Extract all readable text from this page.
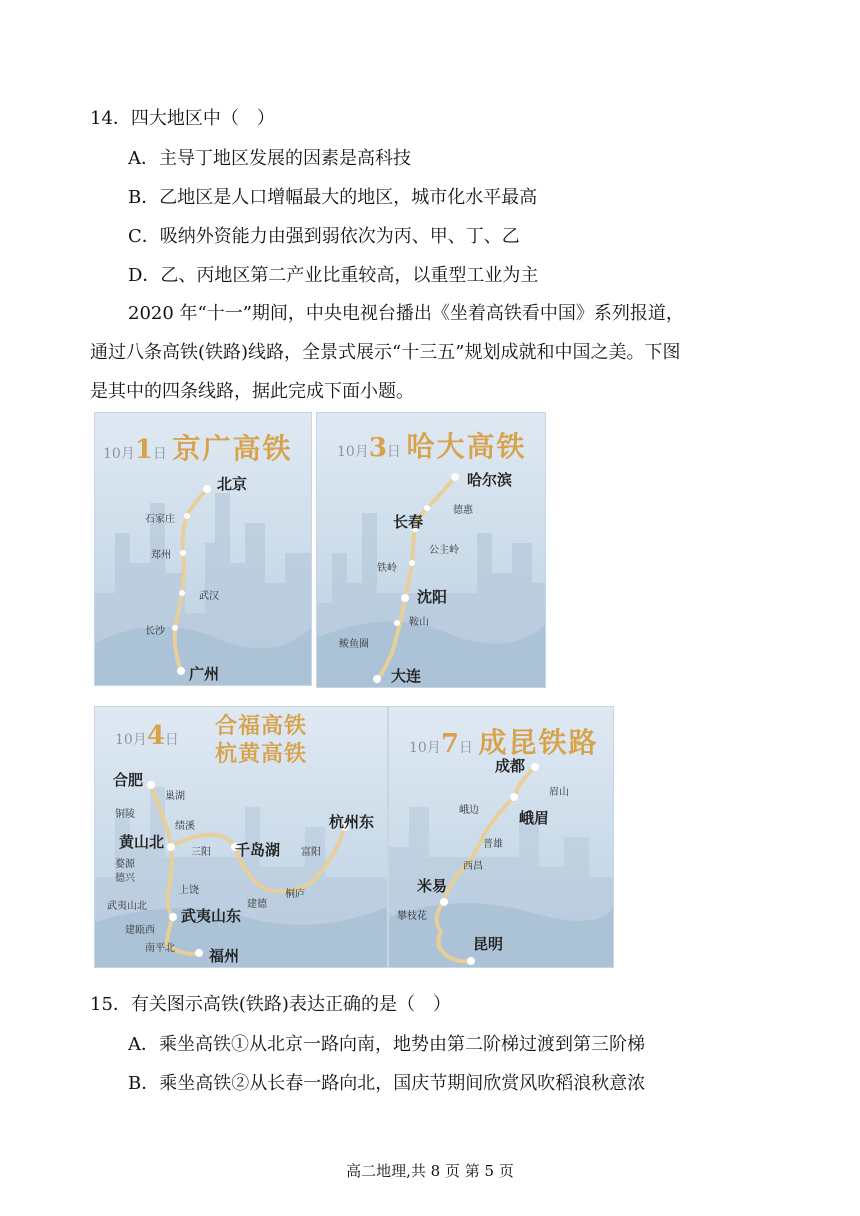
14．四大地区中（　）
A．主导丁地区发展的因素是高科技
B．乙地区是人口增幅最大的地区，城市化水平最高
C．吸纳外资能力由强到弱依次为丙、甲、丁、乙
D．乙、丙地区第二产业比重较高，以重型工业为主
2020 年“十一”期间，中央电视台播出《坐着高铁看中国》系列报道，
通过八条高铁(铁路)线路，全景式展示“十三五”规划成就和中国之美。下图
是其中的四条线路，据此完成下面小题。
10月1日 京广高铁
北京
石家庄
郑州
武汉
长沙
广州
10月3日 哈大高铁
哈尔滨
德惠
长春
公主岭
铁岭
沈阳
鞍山
鲅鱼圈
大连
10月4日
合福高铁
杭黄高铁
合肥
巢湖
铜陵
绩溪
黄山北
三阳 千岛湖 富阳
杭州东
婺源
德兴
上饶	桐庐
建德
武夷山北
武夷山东
建瓯西
南平北 福州
10月7日 成昆铁路
成都
眉山
峨边	峨眉
普雄
西昌
米易
攀枝花
昆明
15．有关图示高铁(铁路)表达正确的是（　）
A．乘坐高铁①从北京一路向南，地势由第二阶梯过渡到第三阶梯
B．乘坐高铁②从长春一路向北，国庆节期间欣赏风吹稻浪秋意浓
高二地理,共 8 页 第 5 页
